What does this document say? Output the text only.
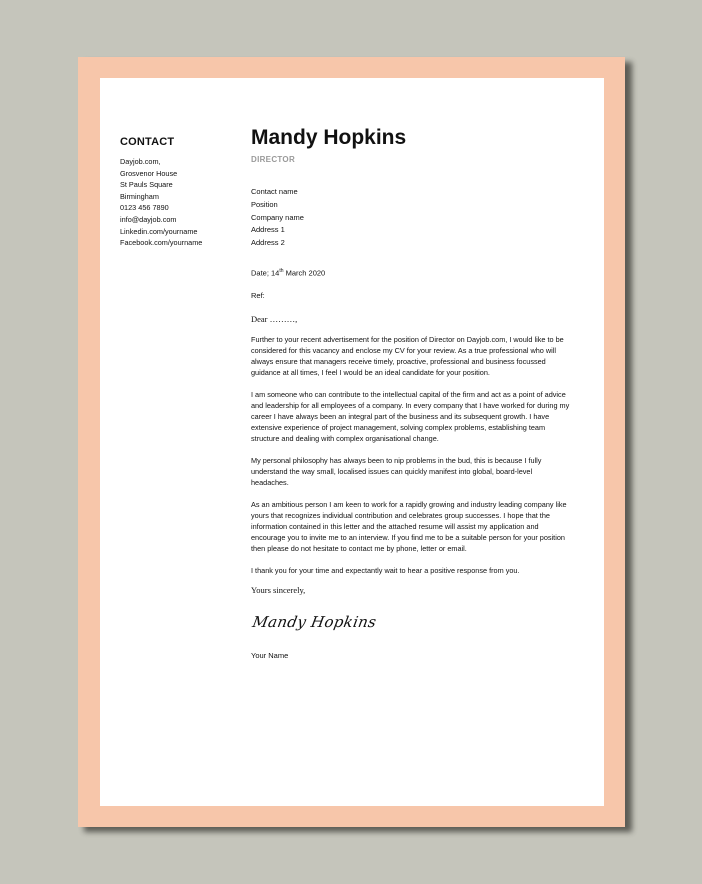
CONTACT
Dayjob.com,
Grosvenor House
St Pauls Square
Birmingham
0123 456 7890
info@dayjob.com
Linkedin.com/yourname
Facebook.com/yourname
Mandy Hopkins
DIRECTOR
Contact name
Position
Company name
Address 1
Address 2
Date; 14th March 2020
Ref:
Dear ………,

Further to your recent advertisement for the position of Director on Dayjob.com, I would like to be considered for this vacancy and enclose my CV for your review. As a true professional who will always ensure that managers receive timely, proactive, professional and business focussed guidance at all times, I feel I would be an ideal candidate for your position.

I am someone who can contribute to the intellectual capital of the firm and act as a point of advice and leadership for all employees of a company. In every company that I have worked for during my career I have always been an integral part of the business and its subsequent growth. I have extensive experience of project management, solving complex problems, establishing team structure and dealing with complex organisational change.

My personal philosophy has always been to nip problems in the bud, this is because I fully understand the way small, localised issues can quickly manifest into global, board-level headaches.

As an ambitious person I am keen to work for a rapidly growing and industry leading company like yours that recognizes individual contribution and celebrates group successes. I hope that the information contained in this letter and the attached resume will assist my application and encourage you to invite me to an interview. If you find me to be a suitable person for your position then please do not hesitate to contact me by phone, letter or email.

I thank you for your time and expectantly wait to hear a positive response from you.

Yours sincerely,
Mandy Hopkins
Your Name
